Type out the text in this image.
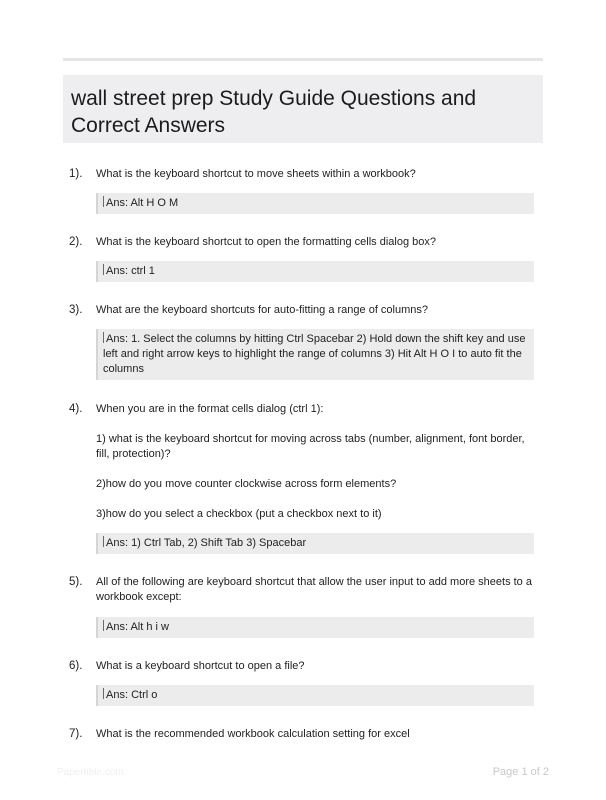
wall street prep Study Guide Questions and Correct Answers
1). What is the keyboard shortcut to move sheets within a workbook?

Ans: Alt H O M
2). What is the keyboard shortcut to open the formatting cells dialog box?

Ans: ctrl 1
3). What are the keyboard shortcuts for auto-fitting a range of columns?

Ans: 1. Select the columns by hitting Ctrl Spacebar 2) Hold down the shift key and use left and right arrow keys to highlight the range of columns 3) Hit Alt H O I to auto fit the columns
4). When you are in the format cells dialog (ctrl 1):

1) what is the keyboard shortcut for moving across tabs (number, alignment, font border, fill, protection)?

2)how do you move counter clockwise across form elements?

3)how do you select a checkbox (put a checkbox next to it)

Ans: 1) Ctrl Tab, 2) Shift Tab 3) Spacebar
5). All of the following are keyboard shortcut that allow the user input to add more sheets to a workbook except:

Ans: Alt h i w
6). What is a keyboard shortcut to open a file?

Ans: Ctrl o
7). What is the recommended workbook calculation setting for excel

Papertible.com	Page 1 of 2
